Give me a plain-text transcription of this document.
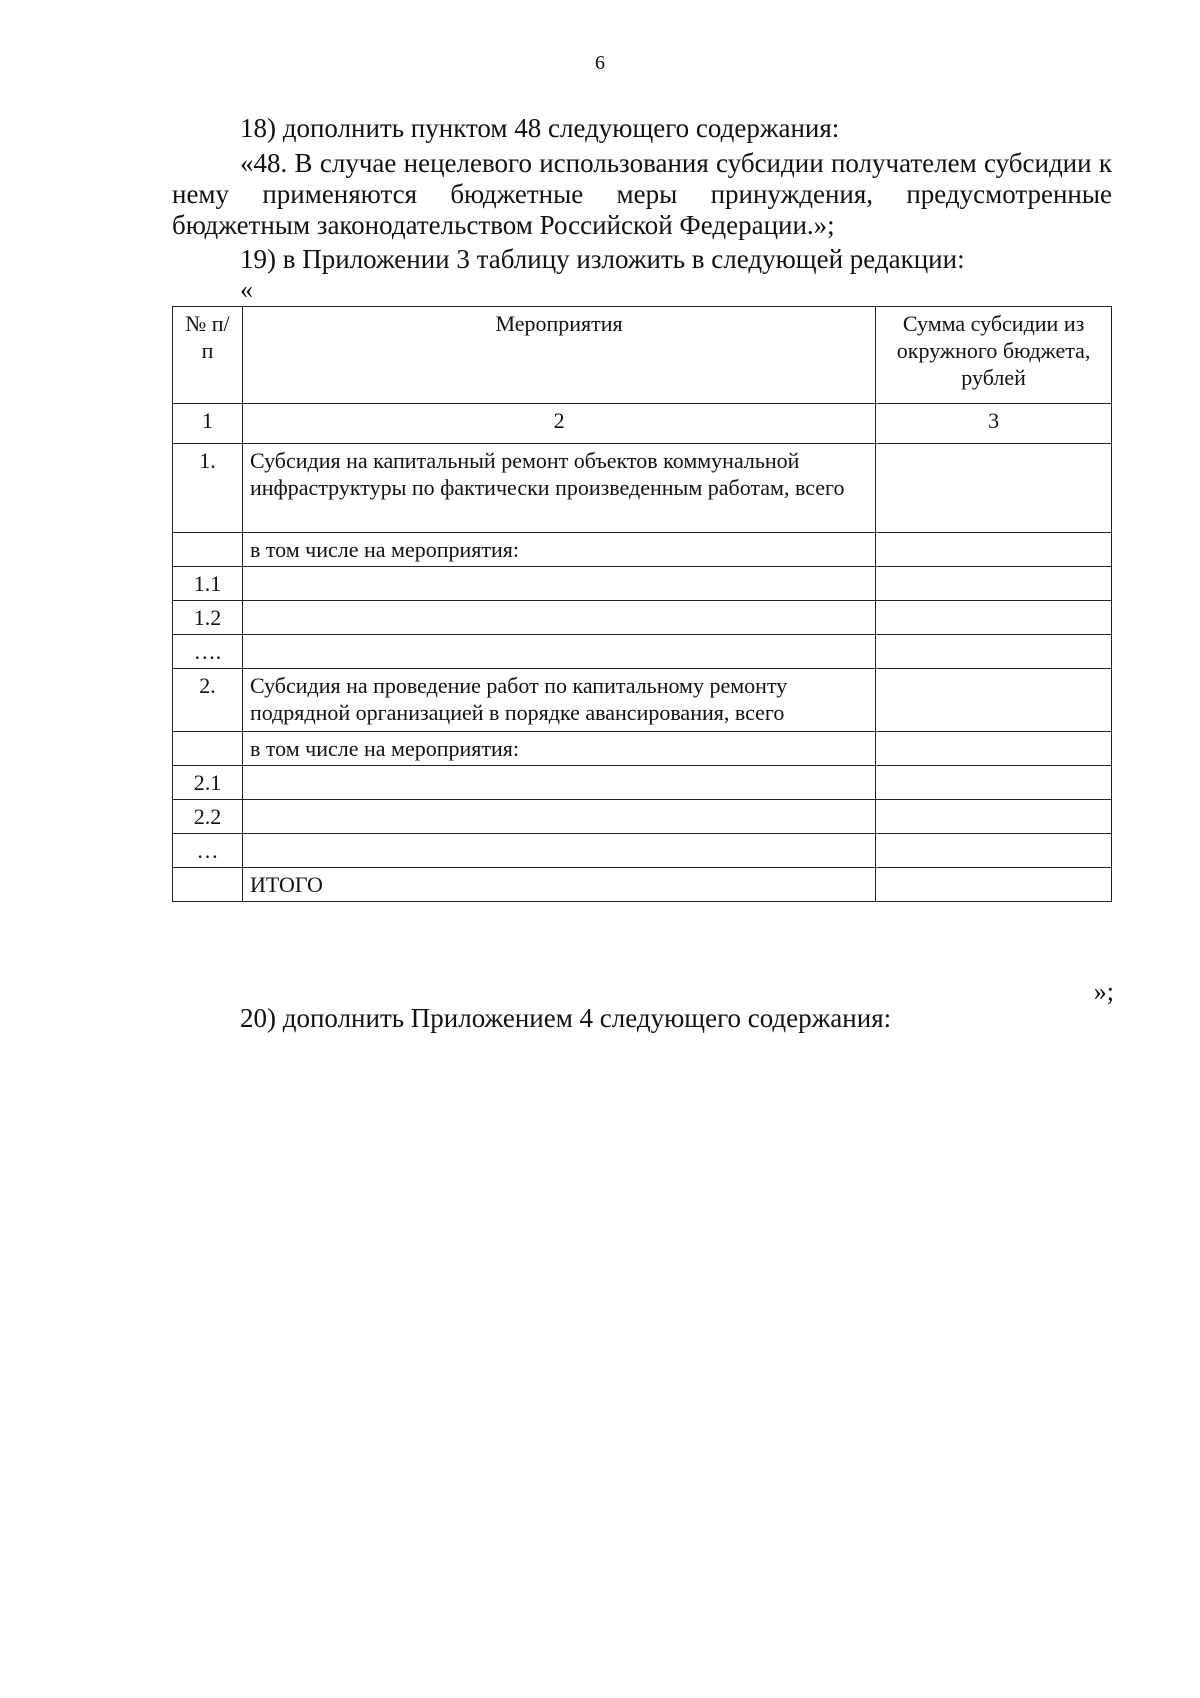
6
18) дополнить пунктом 48 следующего содержания:
«48. В случае нецелевого использования субсидии получателем субсидии к нему применяются бюджетные меры принуждения, предусмотренные бюджетным законодательством Российской Федерации.»;
19) в Приложении 3 таблицу изложить в следующей редакции:
«
№ п/п	Мероприятия	Сумма субсидии из окружного бюджета, рублей
1	2	3
1.	Субсидия на капитальный ремонт объектов коммунальной инфраструктуры по фактически произведенным работам, всего	
	в том числе на мероприятия:	
1.1		
1.2		
….		
2.	Субсидия на проведение работ по капитальному ремонту подрядной организацией в порядке авансирования, всего	
	в том числе на мероприятия:	
2.1		
2.2		
…		
	ИТОГО	
»;
20) дополнить Приложением 4 следующего содержания:
